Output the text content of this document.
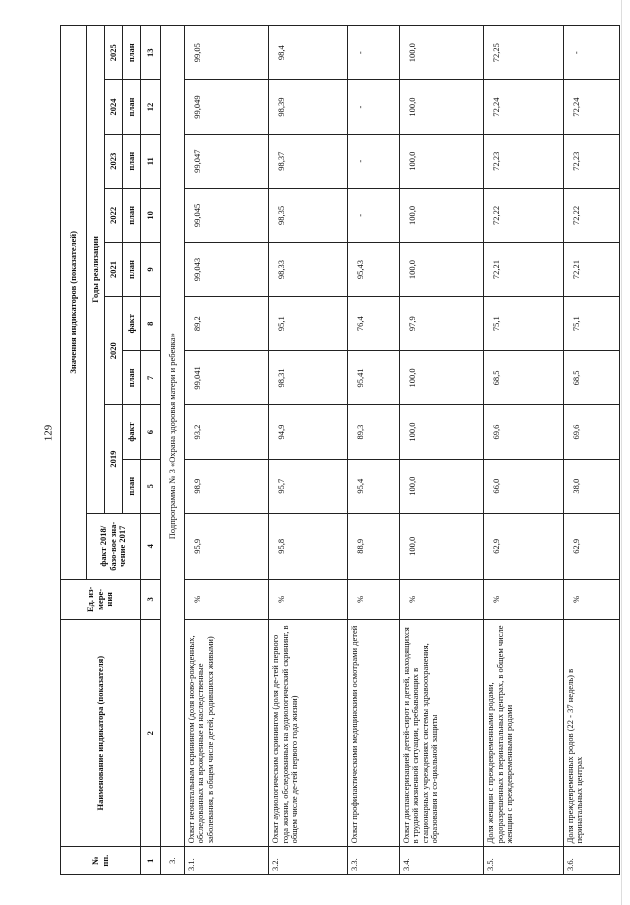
129
№ пп.	Наименование индикатора (показателя)	Ед. из-мере-ния	Значения индикаторов (показателей)									
			факт 2018/базо-вое зна-чение 2017	Годы реализации								
				2019		2020		2021	2022	2023	2024	2025
				план	факт	план	факт	план	план	план	план	план
1	2	3	4	5	6	7	8	9	10	11	12	13
3.	Подпрограмма № 3 «Охрана здоровья матери и ребенка»											
3.1.	Охват неонатальным скринингом (доля ново-рожденных, обследованных на врожденные и наследственные заболевания, в общем числе детей, родившихся живыми)	%	95,9	98,9	93,2	99,041	89,2	99,043	99,045	99,047	99,049	99,05
3.2.	Охват аудиологическим скринингом (доля де-тей первого года жизни, обследованных на аудиологический скрининг, в общем числе де-тей первого года жизни)	%	95,8	95,7	94,9	98,31	95,1	98,33	98,35	98,37	98,39	98,4
3.3.	Охват профилактическими медицинскими осмотрами детей	%	88,9	95,4	89,3	95,41	76,4	95,43	-	-	-	-
3.4.	Охват диспансеризацией детей-сирот и детей, находящихся в трудной жизненной ситуации, пребывающих в стационарных учреждениях системы здравоохранения, образования и со-циальной защиты	%	100,0	100,0	100,0	100,0	97,9	100,0	100,0	100,0	100,0	100,0
3.5.	Доля женщин с преждевременными родами, родоразрешенных в перинатальных центрах, в общем числе женщин с преждевременными родами	%	62,9	66,0	69,6	68,5	75,1	72,21	72,22	72,23	72,24	72,25
3.6.	Доля преждевременных родов (22 - 37 недель) в перинатальных центрах	%	62,9	38,0	69,6	68,5	75,1	72,21	72,22	72,23	72,24	-
